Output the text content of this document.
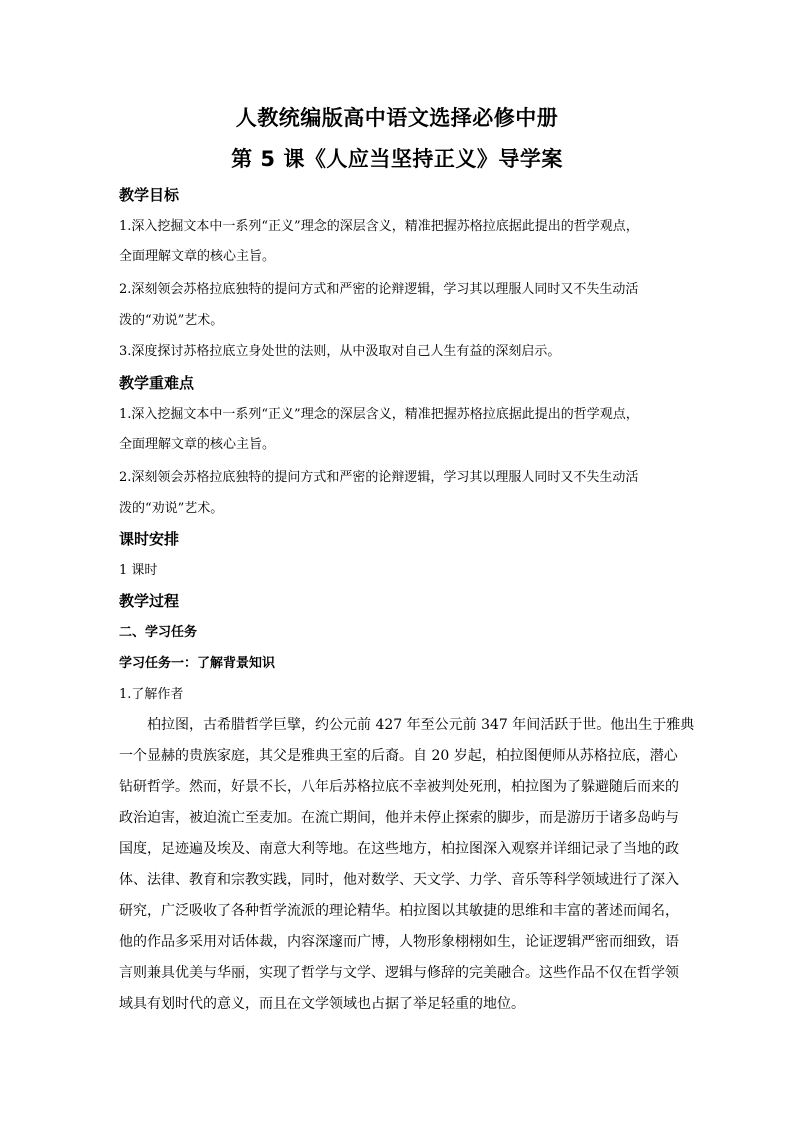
人教统编版高中语文选择必修中册
第 5 课《人应当坚持正义》导学案
教学目标
1.深入挖掘文本中一系列“正义”理念的深层含义，精准把握苏格拉底据此提出的哲学观点，
全面理解文章的核心主旨。
2.深刻领会苏格拉底独特的提问方式和严密的论辩逻辑，学习其以理服人同时又不失生动活
泼的“劝说”艺术。
3.深度探讨苏格拉底立身处世的法则，从中汲取对自己人生有益的深刻启示。
教学重难点
1.深入挖掘文本中一系列“正义”理念的深层含义，精准把握苏格拉底据此提出的哲学观点，
全面理解文章的核心主旨。
2.深刻领会苏格拉底独特的提问方式和严密的论辩逻辑，学习其以理服人同时又不失生动活
泼的“劝说”艺术。
课时安排
1 课时
教学过程
二、学习任务
学习任务一：了解背景知识
1.了解作者
柏拉图，古希腊哲学巨擘，约公元前 427 年至公元前 347 年间活跃于世。他出生于雅典
一个显赫的贵族家庭，其父是雅典王室的后裔。自 20 岁起，柏拉图便师从苏格拉底，潜心
钻研哲学。然而，好景不长，八年后苏格拉底不幸被判处死刑，柏拉图为了躲避随后而来的
政治迫害，被迫流亡至麦加。在流亡期间，他并未停止探索的脚步，而是游历于诸多岛屿与
国度，足迹遍及埃及、南意大利等地。在这些地方，柏拉图深入观察并详细记录了当地的政
体、法律、教育和宗教实践，同时，他对数学、天文学、力学、音乐等科学领域进行了深入
研究，广泛吸收了各种哲学流派的理论精华。柏拉图以其敏捷的思维和丰富的著述而闻名，
他的作品多采用对话体裁，内容深邃而广博，人物形象栩栩如生，论证逻辑严密而细致，语
言则兼具优美与华丽，实现了哲学与文学、逻辑与修辞的完美融合。这些作品不仅在哲学领
域具有划时代的意义，而且在文学领域也占据了举足轻重的地位。
